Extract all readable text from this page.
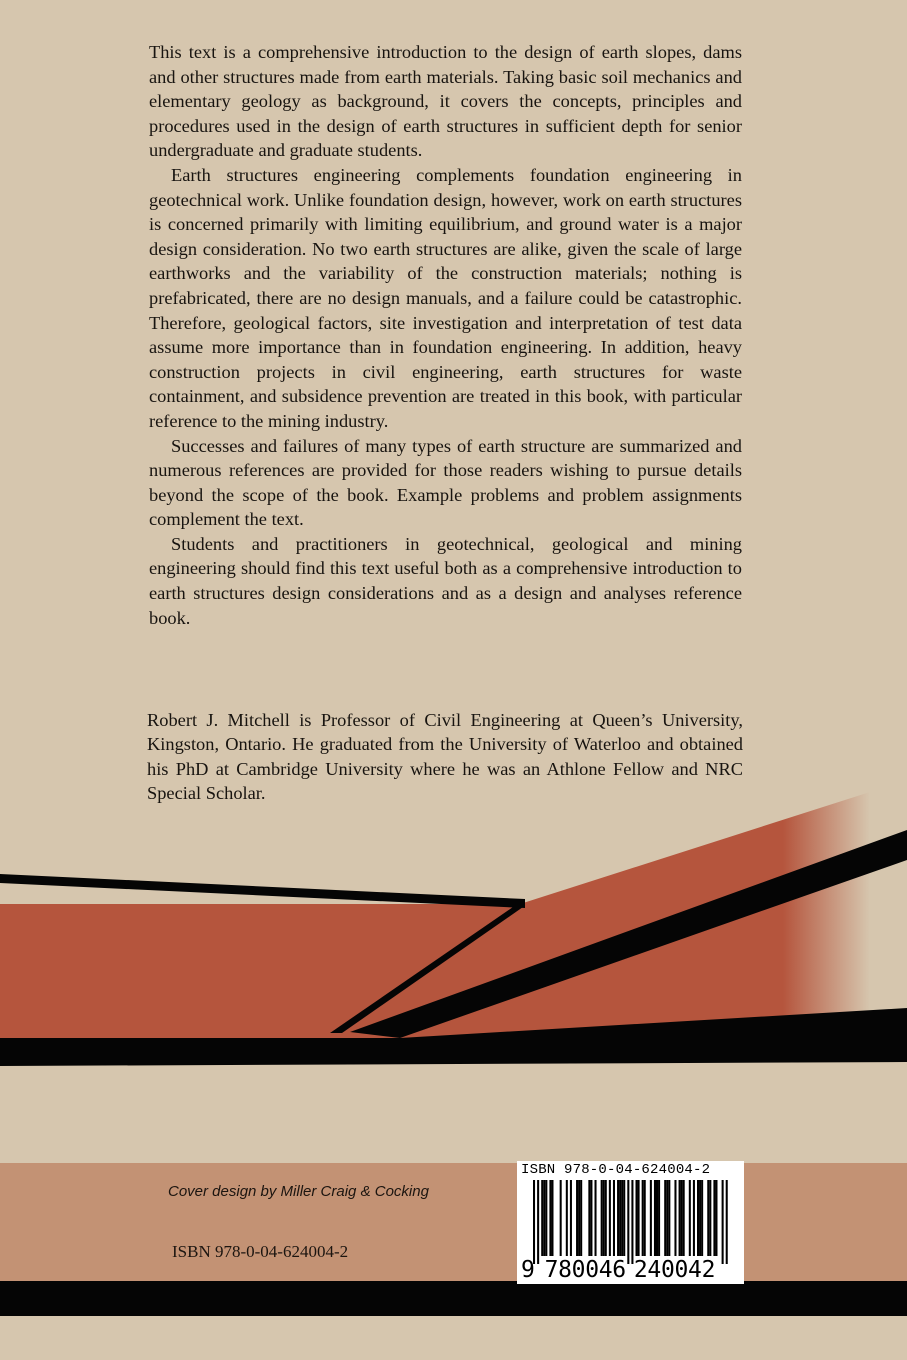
This text is a comprehensive introduction to the design of earth slopes, dams and other structures made from earth materials. Taking basic soil mechanics and elementary geology as background, it covers the concepts, principles and procedures used in the design of earth structures in sufficient depth for senior undergraduate and graduate students.

Earth structures engineering complements foundation engineering in geotechnical work. Unlike foundation design, however, work on earth structures is concerned primarily with limiting equilibrium, and ground water is a major design consideration. No two earth structures are alike, given the scale of large earthworks and the variability of the construction materials; nothing is prefabricated, there are no design manuals, and a failure could be catastrophic. Therefore, geological factors, site investigation and interpretation of test data assume more importance than in foundation engineering. In addition, heavy construction projects in civil engineering, earth structures for waste containment, and subsidence prevention are treated in this book, with particular reference to the mining industry.

Successes and failures of many types of earth structure are summarized and numerous references are provided for those readers wishing to pursue details beyond the scope of the book. Example problems and problem assignments complement the text.

Students and practitioners in geotechnical, geological and mining engineering should find this text useful both as a comprehensive introduction to earth structures design considerations and as a design and analyses reference book.

Robert J. Mitchell is Professor of Civil Engineering at Queen’s University, Kingston, Ontario. He graduated from the University of Waterloo and obtained his PhD at Cambridge University where he was an Athlone Fellow and NRC Special Scholar.
Cover design by Miller Craig & Cocking
ISBN 978-0-04-624004-2
ISBN 978-0-04-624004-2
9 780046 240042
